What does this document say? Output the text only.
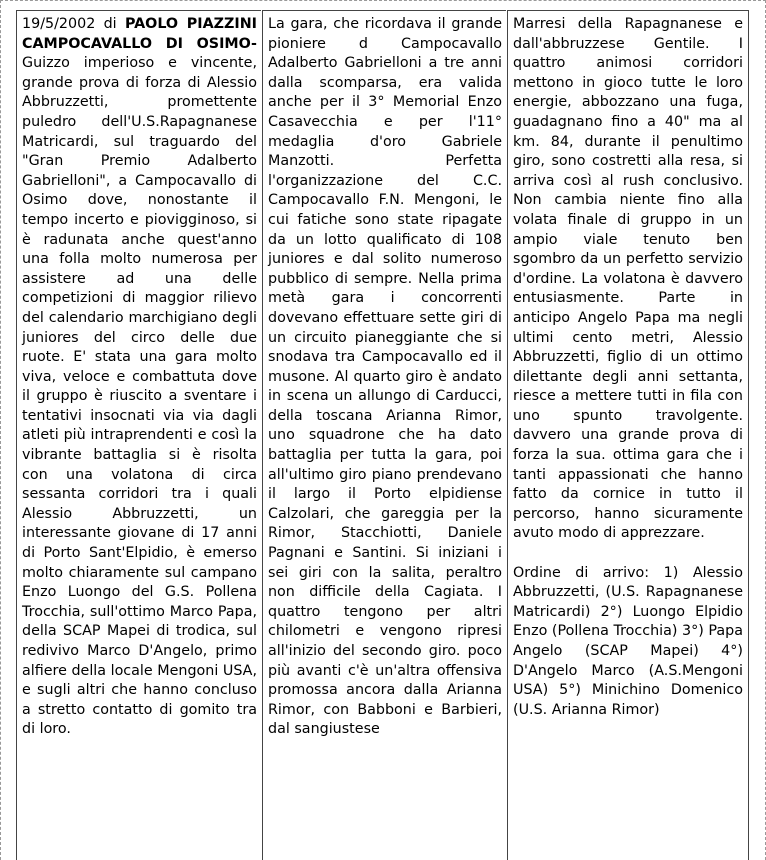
19/5/2002 di PAOLO PIAZZINI CAMPOCAVALLO DI OSIMO- Guizzo imperioso e vincente, grande prova di forza di Alessio Abbruzzetti, promettente puledro dell'U.S.Rapagnanese Matricardi, sul traguardo del "Gran Premio Adalberto Gabrielloni", a Campocavallo di Osimo dove, nonostante il tempo incerto e piovigginoso, si è radunata anche quest'anno una folla molto numerosa per assistere ad una delle competizioni di maggior rilievo del calendario marchigiano degli juniores del circo delle due ruote. E' stata una gara molto viva, veloce e combattuta dove il gruppo è riuscito a sventare i tentativi insocnati via via dagli atleti più intraprendenti e così la vibrante battaglia si è risolta con una volatona di circa sessanta corridori tra i quali Alessio Abbruzzetti, un interessante giovane di 17 anni di Porto Sant'Elpidio, è emerso molto chiaramente sul campano Enzo Luongo del G.S. Pollena Trocchia, sull'ottimo Marco Papa, della SCAP Mapei di trodica, sul redivivo Marco D'Angelo, primo alfiere della locale Mengoni USA, e sugli altri che hanno concluso a stretto contatto di gomito tra di loro.

La gara, che ricordava il grande pioniere d Campocavallo Adalberto Gabrielloni a tre anni dalla scomparsa, era valida anche per il 3° Memorial Enzo Casavecchia e per l'11° medaglia d'oro Gabriele Manzotti. Perfetta l'organizzazione del C.C. Campocavallo F.N. Mengoni, le cui fatiche sono state ripagate da un lotto qualificato di 108 juniores e dal solito numeroso pubblico di sempre. Nella prima metà gara i concorrenti dovevano effettuare sette giri di un circuito pianeggiante che si snodava tra Campocavallo ed il musone. Al quarto giro è andato in scena un allungo di Carducci, della toscana Arianna Rimor, uno squadrone che ha dato battaglia per tutta la gara, poi all'ultimo giro piano prendevano il largo il Porto elpidiense Calzolari, che gareggia per la Rimor, Stacchiotti, Daniele Pagnani e Santini. Si iniziani i sei giri con la salita, peraltro non difficile della Cagiata. I quattro tengono per altri chilometri e vengono ripresi all'inizio del secondo giro. poco più avanti c'è un'altra offensiva promossa ancora dalla Arianna Rimor, con Babboni e Barbieri, dal sangiustese

Marresi della Rapagnanese e dall'abbruzzese Gentile. I quattro animosi corridori mettono in gioco tutte le loro energie, abbozzano una fuga, guadagnano fino a 40" ma al km. 84, durante il penultimo giro, sono costretti alla resa, si arriva così al rush conclusivo. Non cambia niente fino alla volata finale di gruppo in un ampio viale tenuto ben sgombro da un perfetto servizio d'ordine. La volatona è davvero entusiasmente. Parte in anticipo Angelo Papa ma negli ultimi cento metri, Alessio Abbruzzetti, figlio di un ottimo dilettante degli anni settanta, riesce a mettere tutti in fila con uno spunto travolgente. davvero una grande prova di forza la sua. ottima gara che i tanti appassionati che hanno fatto da cornice in tutto il percorso, hanno sicuramente avuto modo di apprezzare.

Ordine di arrivo: 1) Alessio Abbruzzetti, (U.S. Rapagnanese Matricardi) 2°) Luongo Elpidio Enzo (Pollena Trocchia) 3°) Papa Angelo (SCAP Mapei) 4°) D'Angelo Marco (A.S.Mengoni USA) 5°) Minichino Domenico (U.S. Arianna Rimor)
